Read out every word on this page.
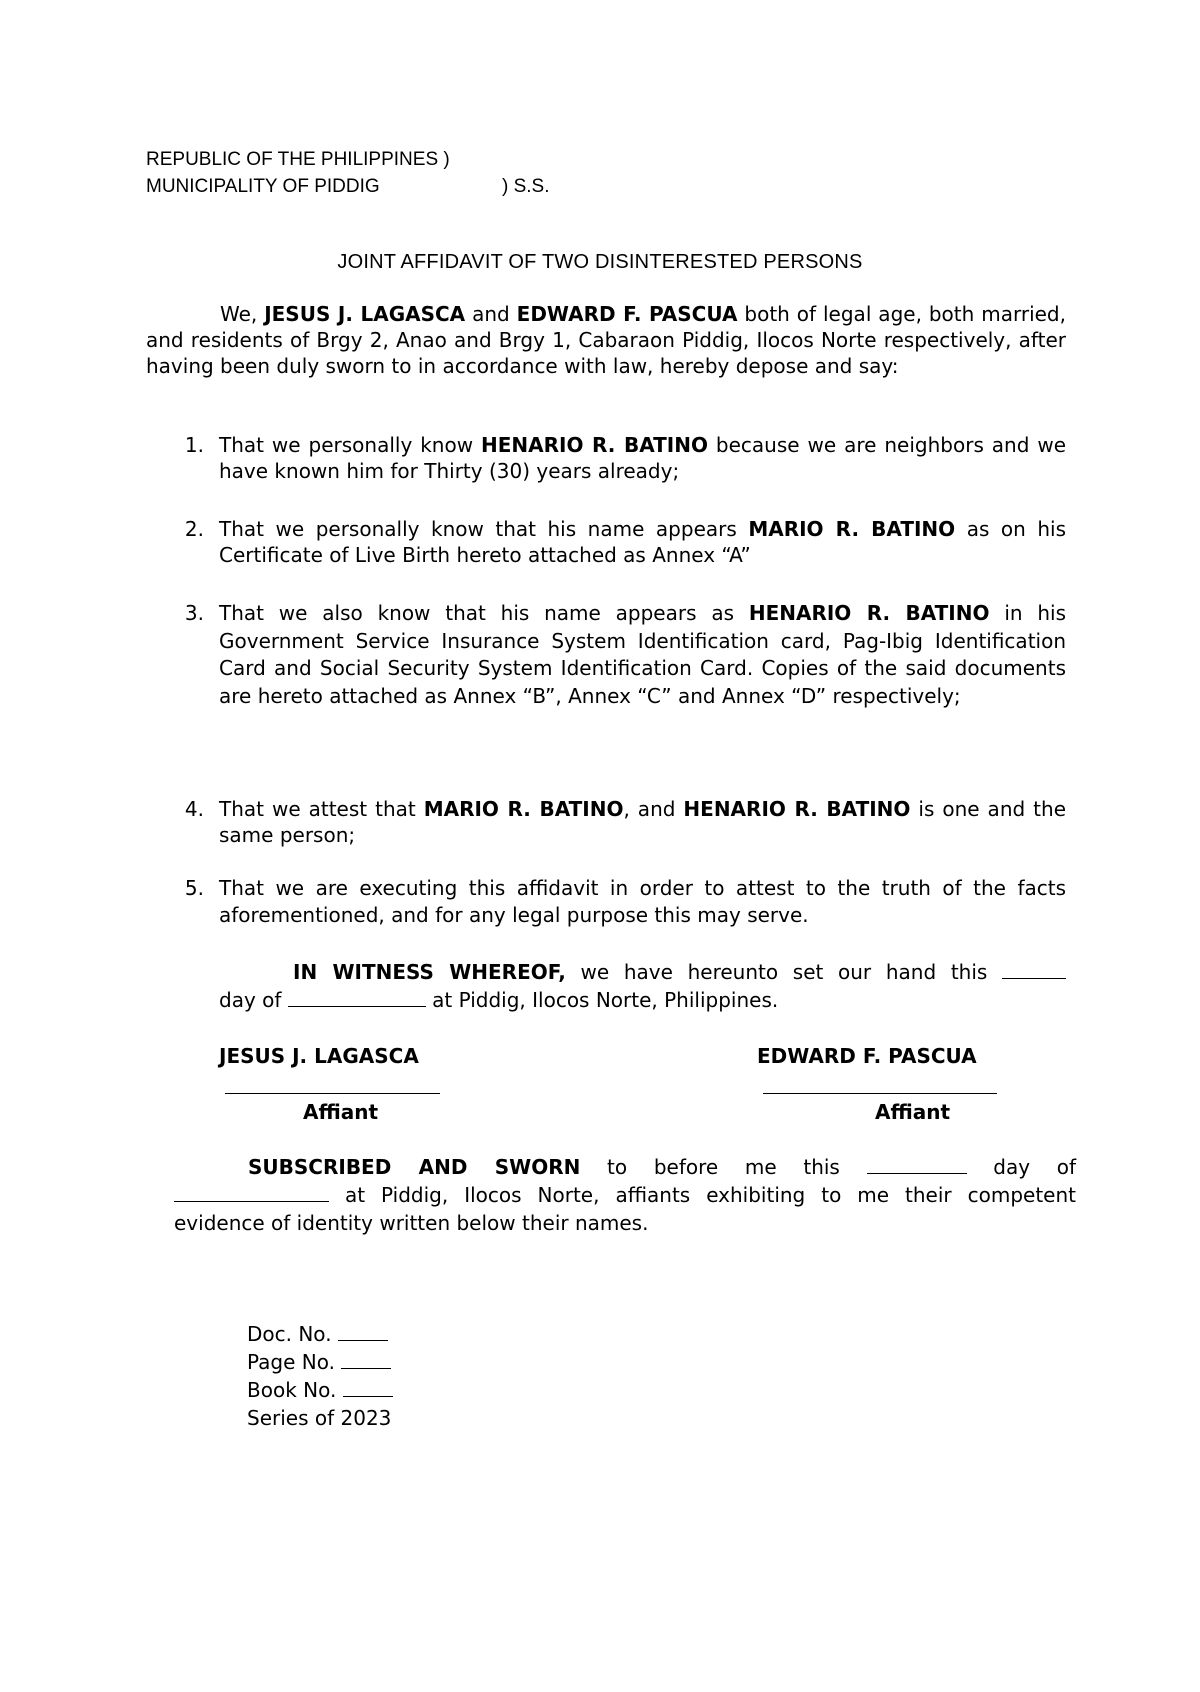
REPUBLIC OF THE PHILIPPINES )
MUNICIPALITY OF PIDDIG	) S.S.
JOINT AFFIDAVIT OF TWO DISINTERESTED PERSONS
We, JESUS J. LAGASCA and EDWARD F. PASCUA both of legal age, both married, and residents of Brgy 2, Anao and Brgy 1, Cabaraon Piddig, Ilocos Norte respectively, after having been duly sworn to in accordance with law, hereby depose and say:
1. That we personally know HENARIO R. BATINO because we are neighbors and we have known him for Thirty (30) years already;
2. That we personally know that his name appears MARIO R. BATINO as on his Certificate of Live Birth hereto attached as Annex “A”
3. That we also know that his name appears as HENARIO R. BATINO in his Government Service Insurance System Identification card, Pag-Ibig Identification Card and Social Security System Identification Card. Copies of the said documents are hereto attached as Annex “B”, Annex “C” and Annex “D” respectively;
4. That we attest that MARIO R. BATINO, and HENARIO R. BATINO is one and the same person;
5. That we are executing this affidavit in order to attest to the truth of the facts aforementioned, and for any legal purpose this may serve.
IN WITNESS WHEREOF, we have hereunto set our hand this
day of	at Piddig, Ilocos Norte, Philippines.
JESUS J. LAGASCA	EDWARD F. PASCUA
Affiant	Affiant
SUBSCRIBED AND SWORN to before me this	day of
at Piddig, Ilocos Norte, affiants exhibiting to me their competent evidence of identity written below their names.
Doc. No.
Page No.
Book No.
Series of 2023
